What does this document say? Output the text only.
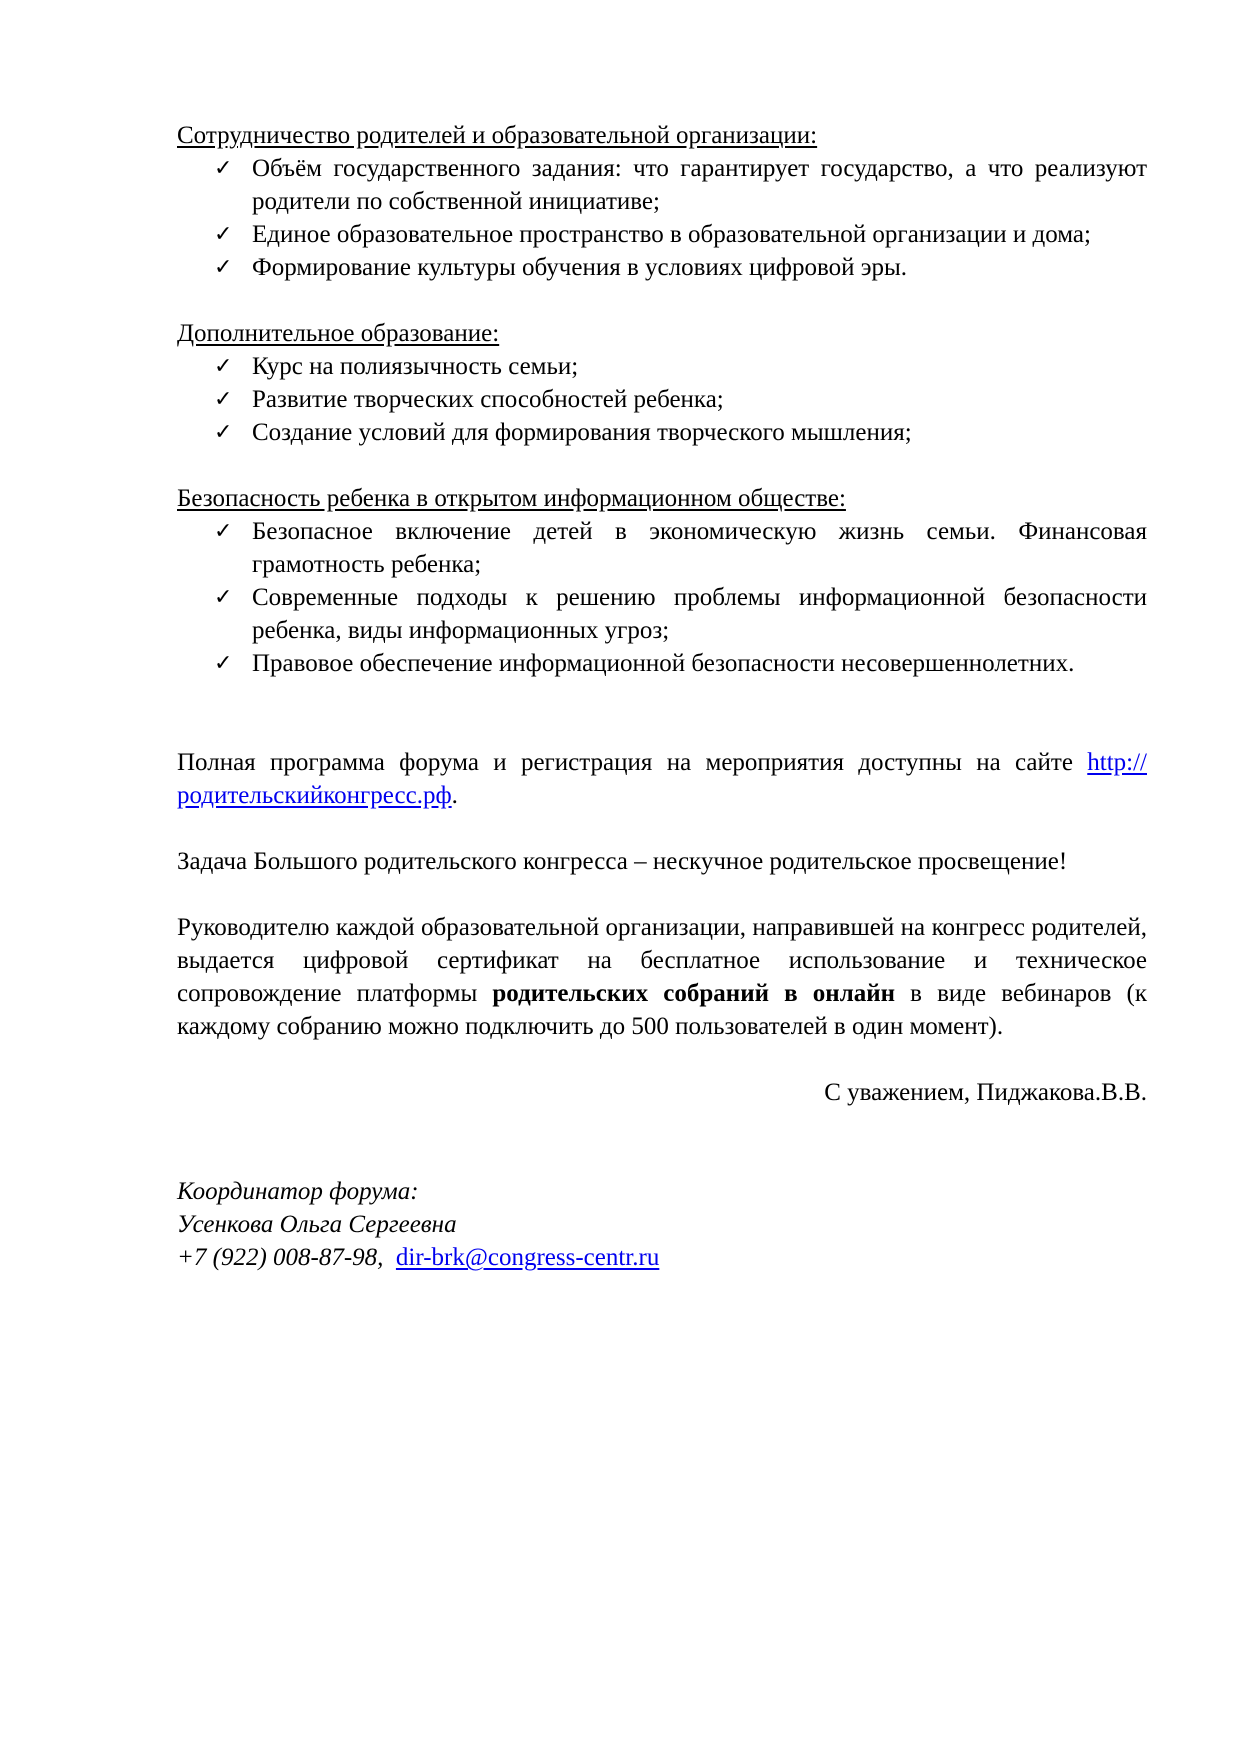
Сотрудничество родителей и образовательной организации:

✓ Объём государственного задания: что гарантирует государство, а что реализуют родители по собственной инициативе;
✓ Единое образовательное пространство в образовательной организации и дома;
✓ Формирование культуры обучения в условиях цифровой эры.

Дополнительное образование:

✓ Курс на полиязычность семьи;
✓ Развитие творческих способностей ребенка;
✓ Создание условий для формирования творческого мышления;

Безопасность ребенка в открытом информационном обществе:

✓ Безопасное включение детей в экономическую жизнь семьи. Финансовая грамотность ребенка;
✓ Современные подходы к решению проблемы информационной безопасности ребенка, виды информационных угроз;
✓ Правовое обеспечение информационной безопасности несовершеннолетних.

Полная программа форума и регистрация на мероприятия доступны на сайте http://родительскийконгресс.рф.

Задача Большого родительского конгресса – нескучное родительское просвещение!

Руководителю каждой образовательной организации, направившей на конгресс родителей, выдается цифровой сертификат на бесплатное использование и техническое сопровождение платформы родительских собраний в онлайн в виде вебинаров (к каждому собранию можно подключить до 500 пользователей в один момент).

С уважением, Пиджакова.В.В.

Координатор форума:

Усенкова Ольга Сергеевна

+7 (922) 008-87-98, dir-brk@congress-centr.ru
